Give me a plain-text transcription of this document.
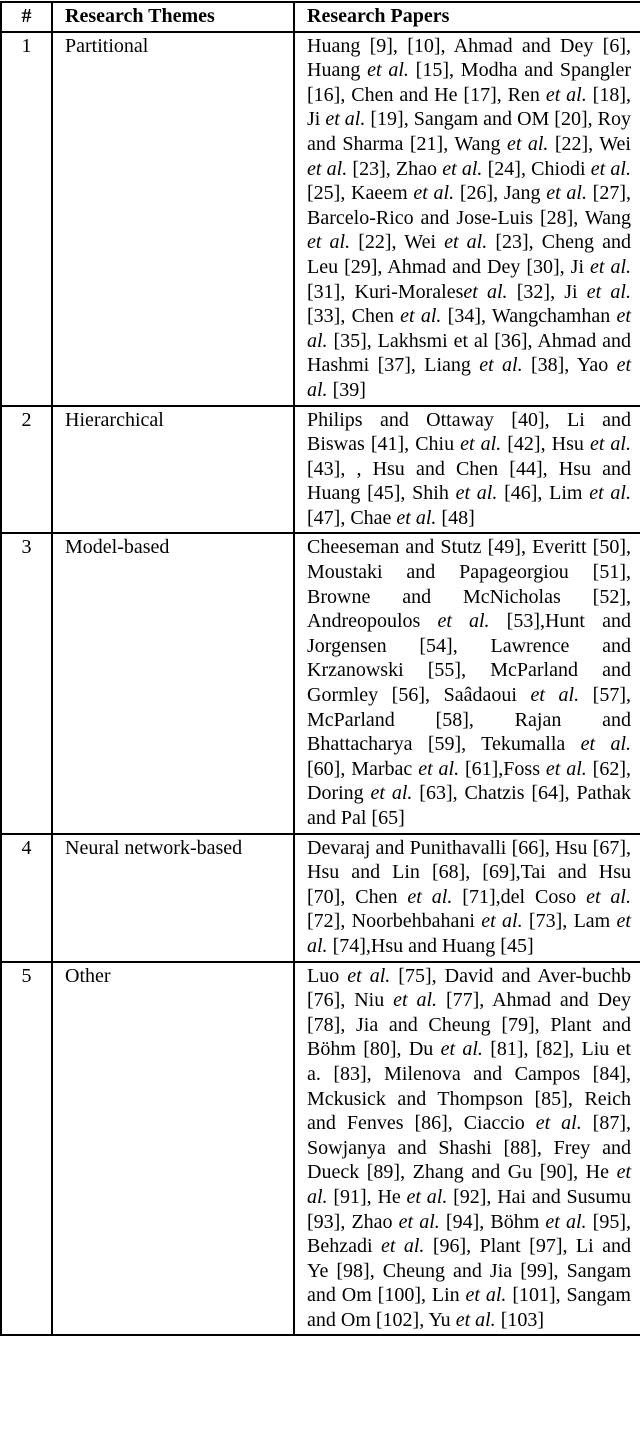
#	Research Themes	Research Papers
1	Partitional	Huang [9], [10], Ahmad and Dey [6], Huang et al. [15], Modha and Spangler [16], Chen and He [17], Ren et al. [18], Ji et al. [19], Sangam and OM [20], Roy and Sharma [21], Wang et al. [22], Wei et al. [23], Zhao et al. [24], Chiodi et al. [25], Kaeem et al. [26], Jang et al. [27], Barcelo-Rico and Jose-Luis [28], Wang et al. [22], Wei et al. [23], Cheng and Leu [29], Ahmad and Dey [30], Ji et al. [31], Kuri-Moraleset al. [32], Ji et al. [33], Chen et al. [34], Wangchamhan et al. [35], Lakhsmi et al [36], Ahmad and Hashmi [37], Liang et al. [38], Yao et al. [39]
2	Hierarchical	Philips and Ottaway [40], Li and Biswas [41], Chiu et al. [42], Hsu et al. [43], , Hsu and Chen [44], Hsu and Huang [45], Shih et al. [46], Lim et al. [47], Chae et al. [48]
3	Model-based	Cheeseman and Stutz [49], Everitt [50], Moustaki and Papageorgiou [51], Browne and McNicholas [52], Andreopoulos et al. [53],Hunt and Jorgensen [54], Lawrence and Krzanowski [55], McParland and Gormley [56], Saâdaoui et al. [57], McParland [58], Rajan and Bhattacharya [59], Tekumalla et al. [60], Marbac et al. [61],Foss et al. [62], Doring et al. [63], Chatzis [64], Pathak and Pal [65]
4	Neural network-based	Devaraj and Punithavalli [66], Hsu [67], Hsu and Lin [68], [69],Tai and Hsu [70], Chen et al. [71],del Coso et al. [72], Noorbehbahani et al. [73], Lam et al. [74],Hsu and Huang [45]
5	Other	Luo et al. [75], David and Aver-buchb [76], Niu et al. [77], Ahmad and Dey [78], Jia and Cheung [79], Plant and Böhm [80], Du et al. [81], [82], Liu et a. [83], Milenova and Campos [84], Mckusick and Thompson [85], Reich and Fenves [86], Ciaccio et al. [87], Sowjanya and Shashi [88], Frey and Dueck [89], Zhang and Gu [90], He et al. [91], He et al. [92], Hai and Susumu [93], Zhao et al. [94], Böhm et al. [95], Behzadi et al. [96], Plant [97], Li and Ye [98], Cheung and Jia [99], Sangam and Om [100], Lin et al. [101], Sangam and Om [102], Yu et al. [103]
